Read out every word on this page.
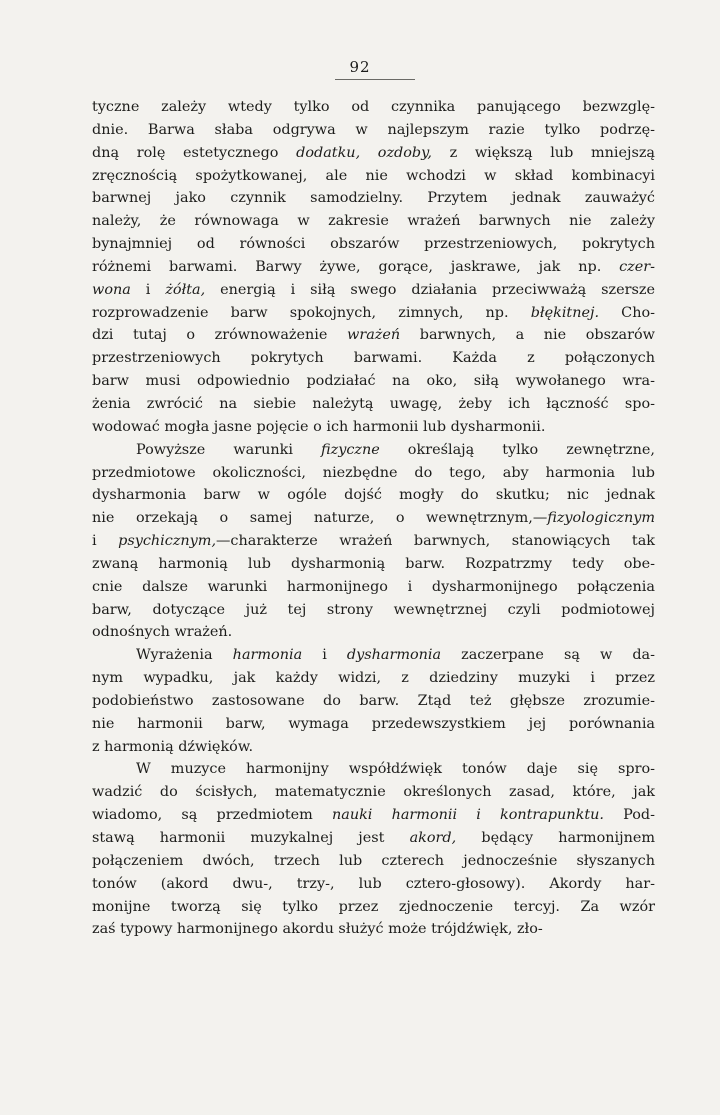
92
tyczne zależy wtedy tylko od czynnika panującego bezwzglę-
dnie. Barwa słaba odgrywa w najlepszym razie tylko podrzę-
dną rolę estetycznego dodatku, ozdoby, z większą lub mniejszą
zręcznością spożytkowanej, ale nie wchodzi w skład kombinacyi
barwnej jako czynnik samodzielny. Przytem jednak zauważyć
należy, że równowaga w zakresie wrażeń barwnych nie zależy
bynajmniej od równości obszarów przestrzeniowych, pokrytych
różnemi barwami. Barwy żywe, gorące, jaskrawe, jak np. czer-
wona i żółta, energią i siłą swego działania przeciwważą szersze
rozprowadzenie barw spokojnych, zimnych, np. błękitnej. Cho-
dzi tutaj o zrównoważenie wrażeń barwnych, a nie obszarów
przestrzeniowych pokrytych barwami. Każda z połączonych
barw musi odpowiednio podziałać na oko, siłą wywołanego wra-
żenia zwrócić na siebie należytą uwagę, żeby ich łączność spo-
wodować mogła jasne pojęcie o ich harmonii lub dysharmonii.
Powyższe warunki fizyczne określają tylko zewnętrzne,
przedmiotowe okoliczności, niezbędne do tego, aby harmonia lub
dysharmonia barw w ogóle dojść mogły do skutku; nic jednak
nie orzekają o samej naturze, o wewnętrznym,—fizyologicznym
i psychicznym,—charakterze wrażeń barwnych, stanowiących tak
zwaną harmonią lub dysharmonią barw. Rozpatrzmy tedy obe-
cnie dalsze warunki harmonijnego i dysharmonijnego połączenia
barw, dotyczące już tej strony wewnętrznej czyli podmiotowej
odnośnych wrażeń.
Wyrażenia harmonia i dysharmonia zaczerpane są w da-
nym wypadku, jak każdy widzi, z dziedziny muzyki i przez
podobieństwo zastosowane do barw. Ztąd też głębsze zrozumie-
nie harmonii barw, wymaga przedewszystkiem jej porównania
z harmonią dźwięków.
W muzyce harmonijny współdźwięk tonów daje się spro-
wadzić do ścisłych, matematycznie określonych zasad, które, jak
wiadomo, są przedmiotem nauki harmonii i kontrapunktu. Pod-
stawą harmonii muzykalnej jest akord, będący harmonijnem
połączeniem dwóch, trzech lub czterech jednocześnie słyszanych
tonów (akord dwu-, trzy-, lub cztero-głosowy). Akordy har-
monijne tworzą się tylko przez zjednoczenie tercyj. Za wzór
zaś typowy harmonijnego akordu służyć może trójdźwięk, zło-
